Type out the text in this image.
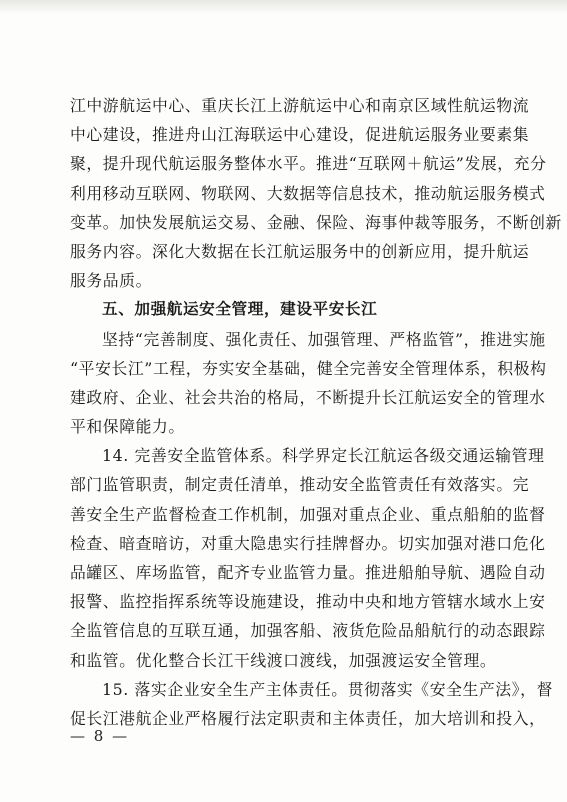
江中游航运中心、重庆长江上游航运中心和南京区域性航运物流
中心建设，推进舟山江海联运中心建设，促进航运服务业要素集
聚，提升现代航运服务整体水平。推进“互联网＋航运”发展，充分
利用移动互联网、物联网、大数据等信息技术，推动航运服务模式
变革。加快发展航运交易、金融、保险、海事仲裁等服务，不断创新
服务内容。深化大数据在长江航运服务中的创新应用，提升航运
服务品质。
五、加强航运安全管理，建设平安长江
坚持“完善制度、强化责任、加强管理、严格监管”，推进实施
“平安长江”工程，夯实安全基础，健全完善安全管理体系，积极构
建政府、企业、社会共治的格局，不断提升长江航运安全的管理水
平和保障能力。
14. 完善安全监管体系。科学界定长江航运各级交通运输管理
部门监管职责，制定责任清单，推动安全监管责任有效落实。完
善安全生产监督检查工作机制，加强对重点企业、重点船舶的监督
检查、暗查暗访，对重大隐患实行挂牌督办。切实加强对港口危化
品罐区、库场监管，配齐专业监管力量。推进船舶导航、遇险自动
报警、监控指挥系统等设施建设，推动中央和地方管辖水域水上安
全监管信息的互联互通，加强客船、液货危险品船航行的动态跟踪
和监管。优化整合长江干线渡口渡线，加强渡运安全管理。
15. 落实企业安全生产主体责任。贯彻落实《安全生产法》，督
促长江港航企业严格履行法定职责和主体责任，加大培训和投入，
— 8 —
